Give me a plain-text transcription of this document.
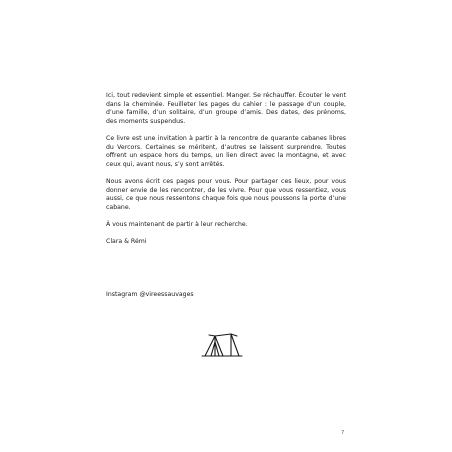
Ici, tout redevient simple et essentiel. Manger. Se réchauffer. Écouter le vent dans la cheminée. Feuilleter les pages du cahier : le passage d’un couple, d’une famille, d’un solitaire, d’un groupe d’amis. Des dates, des prénoms, des moments suspendus.

Ce livre est une invitation à partir à la rencontre de quarante cabanes libres du Vercors. Certaines se méritent, d’autres se laissent surprendre. Toutes offrent un espace hors du temps, un lien direct avec la montagne, et avec ceux qui, avant nous, s’y sont arrêtés.

Nous avons écrit ces pages pour vous. Pour partager ces lieux, pour vous donner envie de les rencontrer, de les vivre. Pour que vous ressentiez, vous aussi, ce que nous ressentons chaque fois que nous poussons la porte d’une cabane.

À vous maintenant de partir à leur recherche.

Clara & Rémi

Instagram @vireessauvages
7
